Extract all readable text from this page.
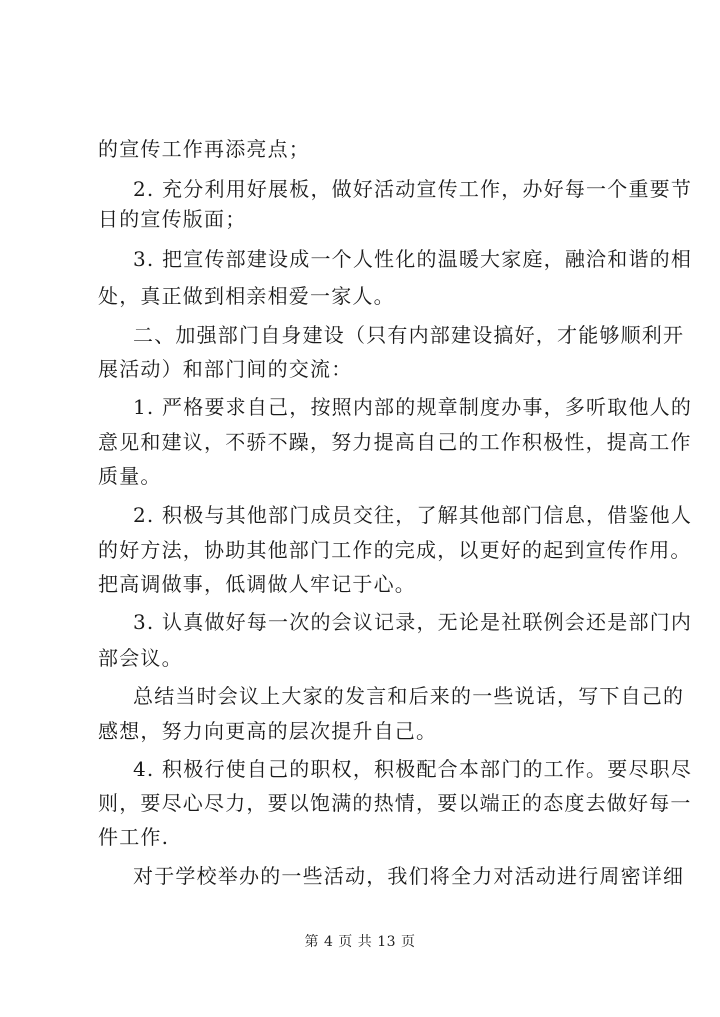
的宣传工作再添亮点；
2. 充分利用好展板，做好活动宣传工作，办好每一个重要节
日的宣传版面；
3. 把宣传部建设成一个人性化的温暖大家庭，融洽和谐的相
处，真正做到相亲相爱一家人。
二、加强部门自身建设（只有内部建设搞好，才能够顺利开
展活动）和部门间的交流：
1. 严格要求自己，按照内部的规章制度办事，多听取他人的
意见和建议，不骄不躁，努力提高自己的工作积极性，提高工作
质量。
2. 积极与其他部门成员交往，了解其他部门信息，借鉴他人
的好方法，协助其他部门工作的完成，以更好的起到宣传作用。
把高调做事，低调做人牢记于心。
3. 认真做好每一次的会议记录，无论是社联例会还是部门内
部会议。
总结当时会议上大家的发言和后来的一些说话，写下自己的
感想，努力向更高的层次提升自己。
4. 积极行使自己的职权，积极配合本部门的工作。要尽职尽
则，要尽心尽力，要以饱满的热情，要以端正的态度去做好每一
件工作.
对于学校举办的一些活动，我们将全力对活动进行周密详细
第 4 页 共 13 页
